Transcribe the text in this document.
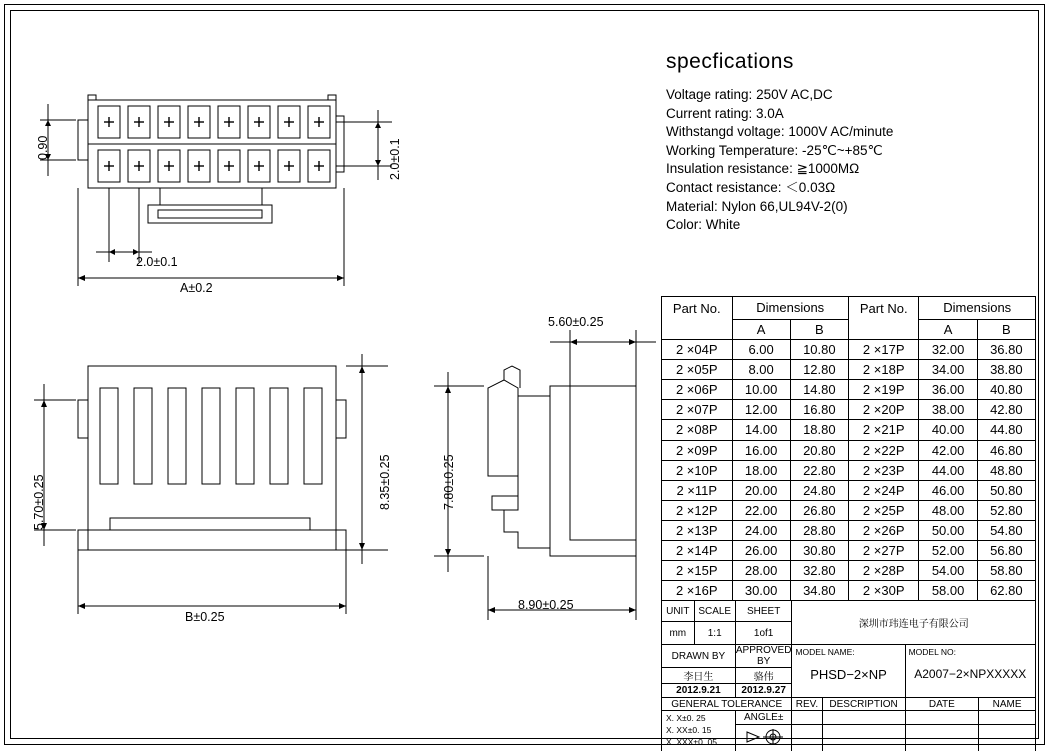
0.90	2.0±0.1
2.0±0.1
A±0.2
5.70±0.25	8.35±0.25
B±0.25
5.60±0.25
7.80±0.25
8.90±0.25
specfications
Voltage rating: 250V AC,DC
Current rating: 3.0A
Withstangd voltage: 1000V AC/minute
Working Temperature: -25℃~+85℃
Insulation resistance: ≧1000MΩ
Contact resistance: ＜0.03Ω
Material: Nylon 66,UL94V-2(0)
Color: White
Part No.	Dimensions		Part No.	Dimensions	
	A	B		A	B
2 ×04P	6.00	10.80	2 ×17P	32.00	36.80
2 ×05P	8.00	12.80	2 ×18P	34.00	38.80
2 ×06P	10.00	14.80	2 ×19P	36.00	40.80
2 ×07P	12.00	16.80	2 ×20P	38.00	42.80
2 ×08P	14.00	18.80	2 ×21P	40.00	44.80
2 ×09P	16.00	20.80	2 ×22P	42.00	46.80
2 ×10P	18.00	22.80	2 ×23P	44.00	48.80
2 ×11P	20.00	24.80	2 ×24P	46.00	50.80
2 ×12P	22.00	26.80	2 ×25P	48.00	52.80
2 ×13P	24.00	28.80	2 ×26P	50.00	54.80
2 ×14P	26.00	30.80	2 ×27P	52.00	56.80
2 ×15P	28.00	32.80	2 ×28P	54.00	58.80
2 ×16P	30.00	34.80	2 ×30P	58.00	62.80
UNIT	SCALE	SHEET	深圳市玮连电子有限公司			
mm	1:1	1of1				
DRAWN BY	APPROVED BY	
MODEL NAME:
PHSD−2×NP

MODEL NO:
A2007−2×NPXXXXX

李日生		骆伟				
2012.9.21		2012.9.27				
GENERAL TOLERANCE			REV.	DESCRIPTION	DATE	NAME

X. X±0. 25
X. XX±0. 15
X. XXX±0. 05		ANGLE±				
